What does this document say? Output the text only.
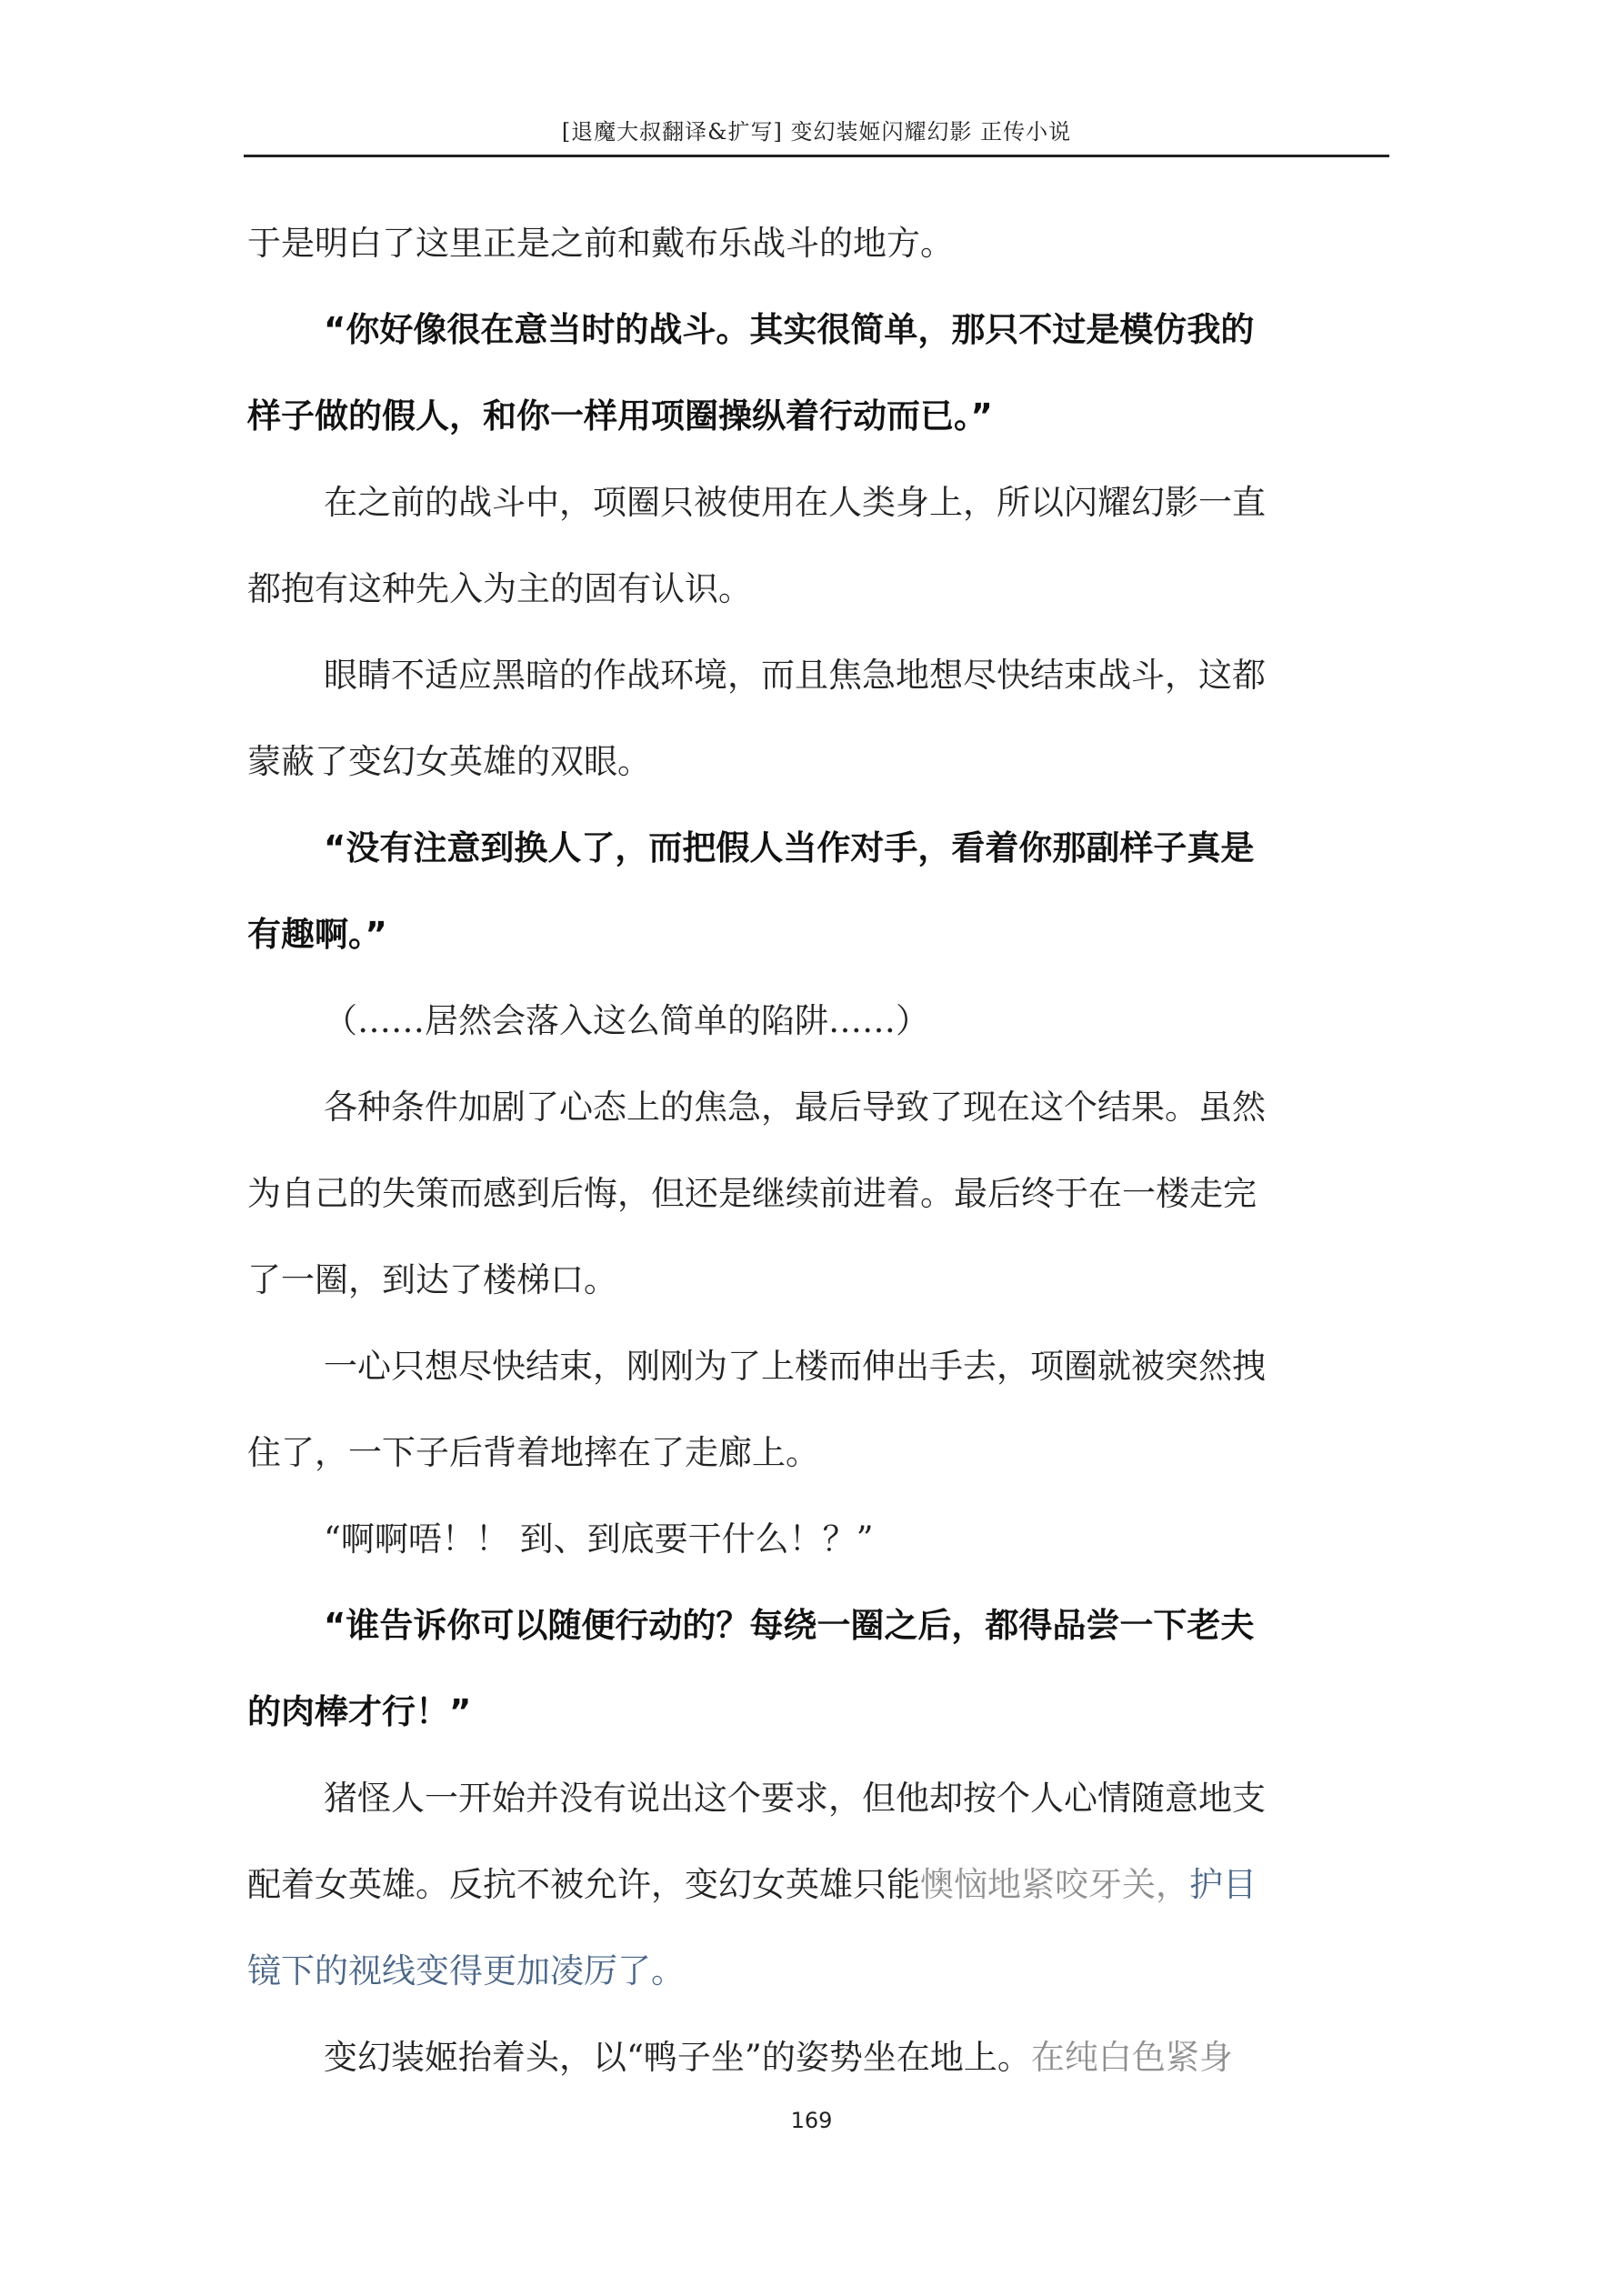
[退魔大叔翻译&扩写] 变幻装姬闪耀幻影 正传小说

于是明白了这里正是之前和戴布乐战斗的地方。

“你好像很在意当时的战斗。其实很简单，那只不过是模仿我的

样子做的假人，和你一样用项圈操纵着行动而已。”

在之前的战斗中，项圈只被使用在人类身上，所以闪耀幻影一直

都抱有这种先入为主的固有认识。

眼睛不适应黑暗的作战环境，而且焦急地想尽快结束战斗，这都

蒙蔽了变幻女英雄的双眼。

“没有注意到换人了，而把假人当作对手，看着你那副样子真是

有趣啊。”

（……居然会落入这么简单的陷阱……）

各种条件加剧了心态上的焦急，最后导致了现在这个结果。虽然

为自己的失策而感到后悔，但还是继续前进着。最后终于在一楼走完

了一圈，到达了楼梯口。

一心只想尽快结束，刚刚为了上楼而伸出手去，项圈就被突然拽

住了，一下子后背着地摔在了走廊上。

“啊啊唔！！ 到、到底要干什么！？”

“谁告诉你可以随便行动的？每绕一圈之后，都得品尝一下老夫

的肉棒才行！”

猪怪人一开始并没有说出这个要求，但他却按个人心情随意地支

配着女英雄。反抗不被允许，变幻女英雄只能懊恼地紧咬牙关，护目

镜下的视线变得更加凌厉了。

变幻装姬抬着头，以“鸭子坐”的姿势坐在地上。在纯白色紧身

169
